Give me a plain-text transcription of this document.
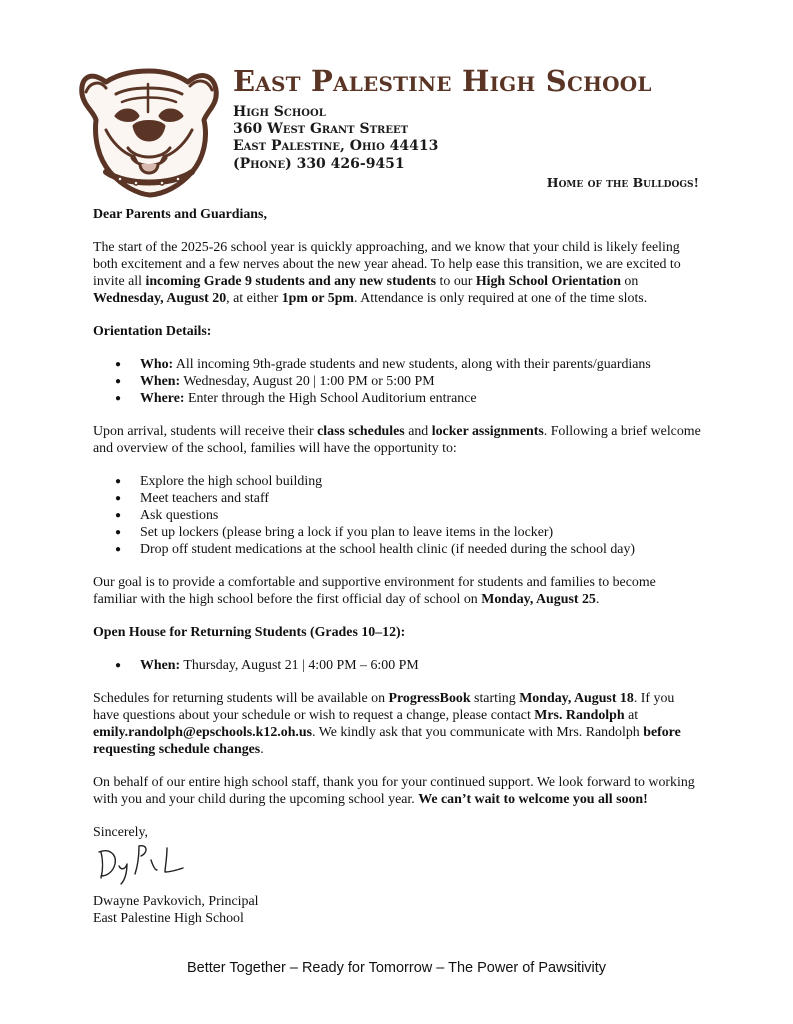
East Palestine High School
High School
360 West Grant Street
East Palestine, Ohio 44413
(Phone) 330 426-9451
Home of the Bulldogs!

Dear Parents and Guardians,

The start of the 2025-26 school year is quickly approaching, and we know that your child is likely feeling both excitement and a few nerves about the new year ahead. To help ease this transition, we are excited to invite all incoming Grade 9 students and any new students to our High School Orientation on Wednesday, August 20, at either 1pm or 5pm. Attendance is only required at one of the time slots.

Orientation Details:

● Who: All incoming 9th-grade students and new students, along with their parents/guardians
● When: Wednesday, August 20 | 1:00 PM or 5:00 PM
● Where: Enter through the High School Auditorium entrance

Upon arrival, students will receive their class schedules and locker assignments. Following a brief welcome and overview of the school, families will have the opportunity to:

● Explore the high school building
● Meet teachers and staff
● Ask questions
● Set up lockers (please bring a lock if you plan to leave items in the locker)
● Drop off student medications at the school health clinic (if needed during the school day)

Our goal is to provide a comfortable and supportive environment for students and families to become familiar with the high school before the first official day of school on Monday, August 25.

Open House for Returning Students (Grades 10–12):

● When: Thursday, August 21 | 4:00 PM – 6:00 PM

Schedules for returning students will be available on ProgressBook starting Monday, August 18. If you have questions about your schedule or wish to request a change, please contact Mrs. Randolph at emily.randolph@epschools.k12.oh.us. We kindly ask that you communicate with Mrs. Randolph before requesting schedule changes.

On behalf of our entire high school staff, thank you for your continued support. We look forward to working with you and your child during the upcoming school year. We can’t wait to welcome you all soon!

Sincerely,

Dwayne Pavkovich, Principal
East Palestine High School
Better Together – Ready for Tomorrow – The Power of Pawsitivity
